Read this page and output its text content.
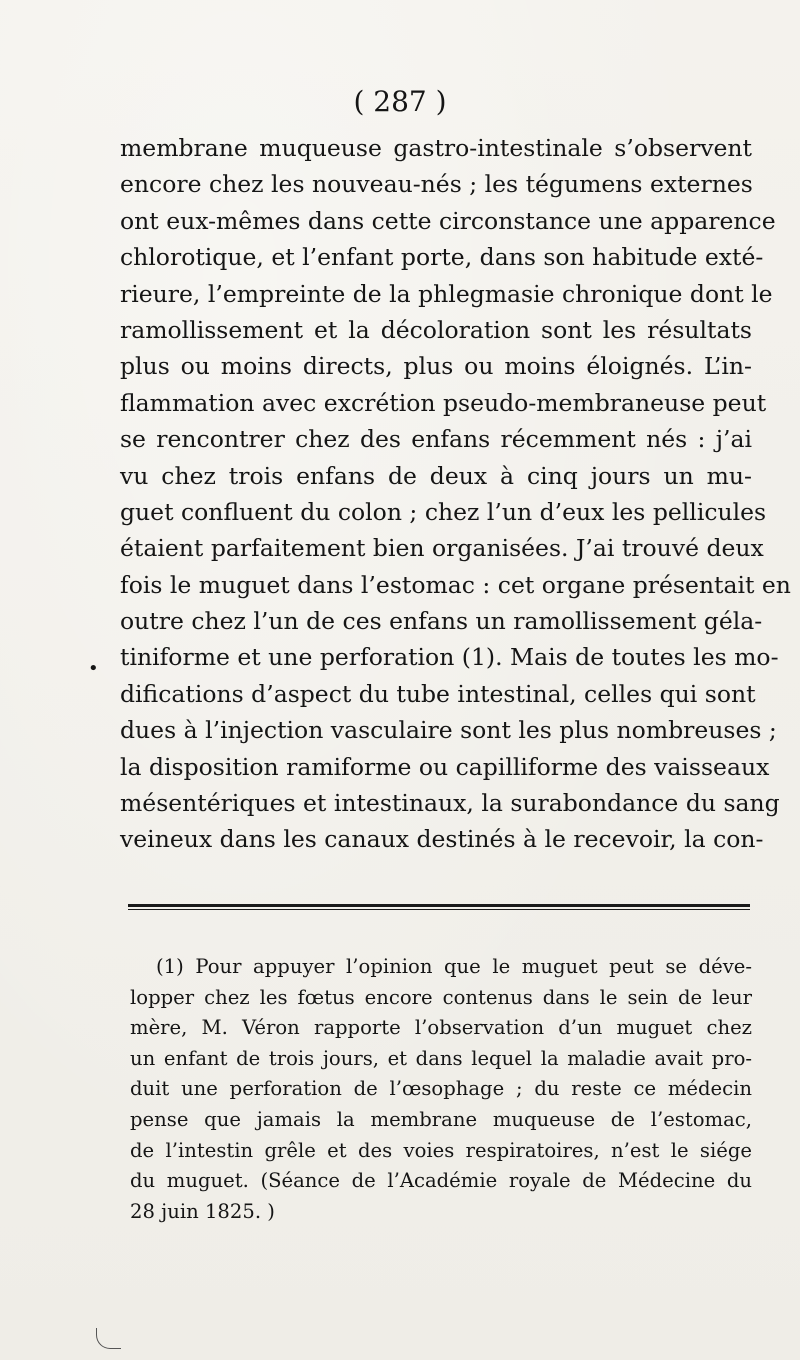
( 287 )
•
membrane muqueuse gastro-intestinale s’observent
encore chez les nouveau-nés ; les tégumens externes
ont eux-mêmes dans cette circonstance une apparence
chlorotique, et l’enfant porte, dans son habitude exté-
rieure, l’empreinte de la phlegmasie chronique dont le
ramollissement et la décoloration sont les résultats
plus ou moins directs, plus ou moins éloignés. L’in-
flammation avec excrétion pseudo-membraneuse peut
se rencontrer chez des enfans récemment nés : j’ai
vu chez trois enfans de deux à cinq jours un mu-
guet confluent du colon ; chez l’un d’eux les pellicules
étaient parfaitement bien organisées. J’ai trouvé deux
fois le muguet dans l’estomac : cet organe présentait en
outre chez l’un de ces enfans un ramollissement géla-
tiniforme et une perforation (1). Mais de toutes les mo-
difications d’aspect du tube intestinal, celles qui sont
dues à l’injection vasculaire sont les plus nombreuses ;
la disposition ramiforme ou capilliforme des vaisseaux
mésentériques et intestinaux, la surabondance du sang
veineux dans les canaux destinés à le recevoir, la con-
(1) Pour appuyer l’opinion que le muguet peut se déve-
lopper chez les fœtus encore contenus dans le sein de leur
mère, M. Véron rapporte l’observation d’un muguet chez
un enfant de trois jours, et dans lequel la maladie avait pro-
duit une perforation de l’œsophage ; du reste ce médecin
pense que jamais la membrane muqueuse de l’estomac,
de l’intestin grêle et des voies respiratoires, n’est le siége
du muguet. (Séance de l’Académie royale de Médecine du
28 juin 1825. )
